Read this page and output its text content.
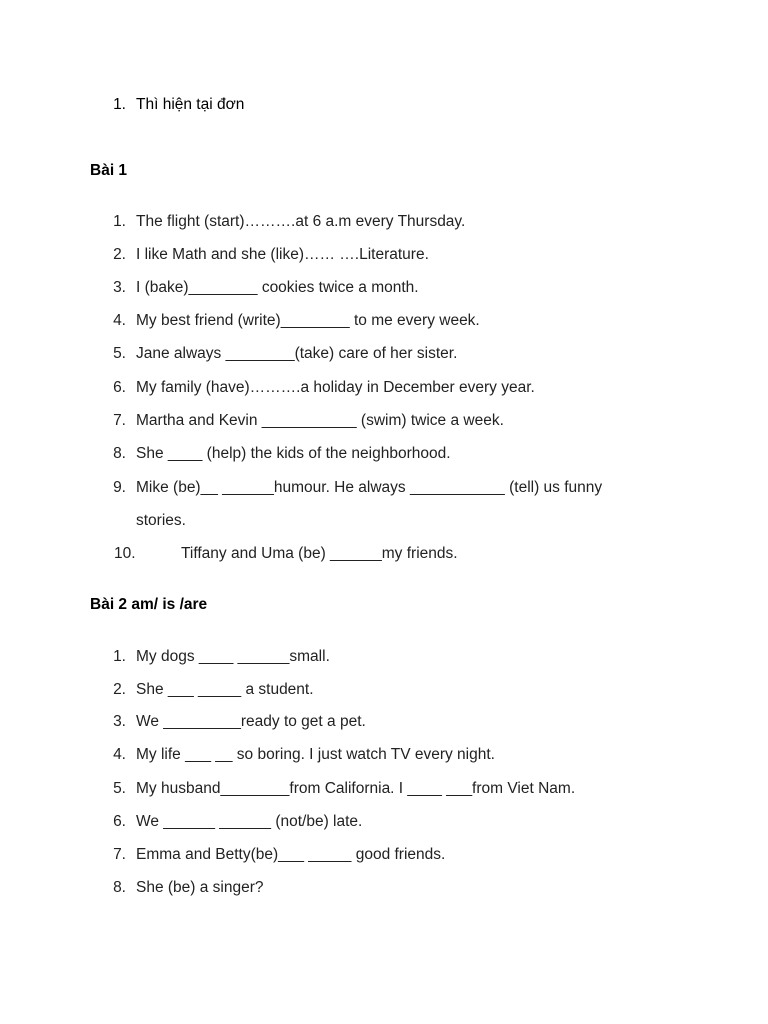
1. Thì hiện tại đơn
Bài 1
1. The flight (start)……….at 6 a.m every Thursday.
2. I like Math and she (like)…… ….Literature.
3. I (bake)________ cookies twice a month.
4. My best friend (write)________ to me every week.
5. Jane always ________(take) care of her sister.
6. My family (have)……….a holiday in December every year.
7. Martha and Kevin ___________ (swim) twice a week.
8. She ____ (help) the kids of the neighborhood.
9. Mike (be)__ ______humour. He always ___________ (tell) us funny
stories.
10.	Tiffany and Uma (be) ______my friends.
Bài 2 am/ is /are
1. My dogs ____ ______small.
2. She ___ _____ a student.
3. We _________ready to get a pet.
4. My life ___ __ so boring. I just watch TV every night.
5. My husband________from California. I ____ ___from Viet Nam.
6. We ______ ______ (not/be) late.
7. Emma and Betty(be)___ _____ good friends.
8. She (be) a singer?
